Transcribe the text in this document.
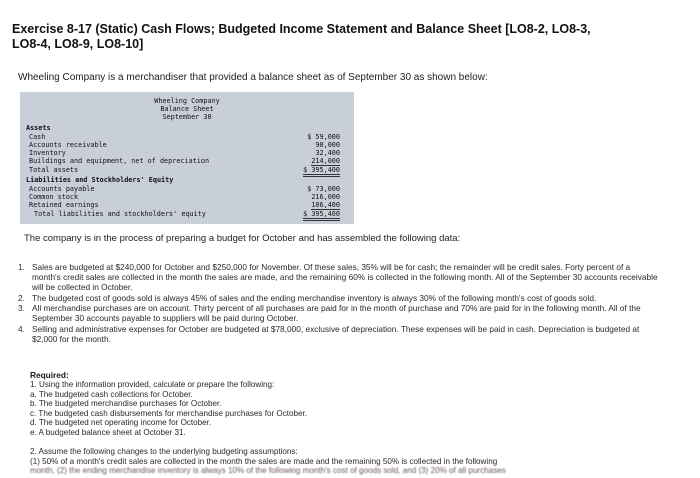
Exercise 8-17 (Static) Cash Flows; Budgeted Income Statement and Balance Sheet [LO8-2, LO8-3, LO8-4, LO8-9, LO8-10]
Wheeling Company is a merchandiser that provided a balance sheet as of September 30 as shown below:
Wheeling Company
Balance Sheet
September 30
Assets
Cash	$ 59,000
Accounts receivable	90,000
Inventory	32,400
Buildings and equipment, net of depreciation	214,000
Total assets	$ 395,400
Liabilities and Stockholders' Equity
Accounts payable	$ 73,000
Common stock	216,000
Retained earnings	106,400
Total liabilities and stockholders' equity	$ 395,400
The company is in the process of preparing a budget for October and has assembled the following data:
1. Sales are budgeted at $240,000 for October and $250,000 for November. Of these sales, 35% will be for cash; the remainder will be credit sales. Forty percent of a month's credit sales are collected in the month the sales are made, and the remaining 60% is collected in the following month. All of the September 30 accounts receivable will be collected in October.
2. The budgeted cost of goods sold is always 45% of sales and the ending merchandise inventory is always 30% of the following month's cost of goods sold.
3. All merchandise purchases are on account. Thirty percent of all purchases are paid for in the month of purchase and 70% are paid for in the following month. All of the September 30 accounts payable to suppliers will be paid during October.
4. Selling and administrative expenses for October are budgeted at $78,000, exclusive of depreciation. These expenses will be paid in cash. Depreciation is budgeted at $2,000 for the month.
Required:
1. Using the information provided, calculate or prepare the following:
a. The budgeted cash collections for October.
b. The budgeted merchandise purchases for October.
c. The budgeted cash disbursements for merchandise purchases for October.
d. The budgeted net operating income for October.
e. A budgeted balance sheet at October 31.
2. Assume the following changes to the underlying budgeting assumptions:
(1) 50% of a month's credit sales are collected in the month the sales are made and the remaining 50% is collected in the following
month, (2) the ending merchandise inventory is always 10% of the following month's cost of goods sold, and (3) 20% of all purchases
